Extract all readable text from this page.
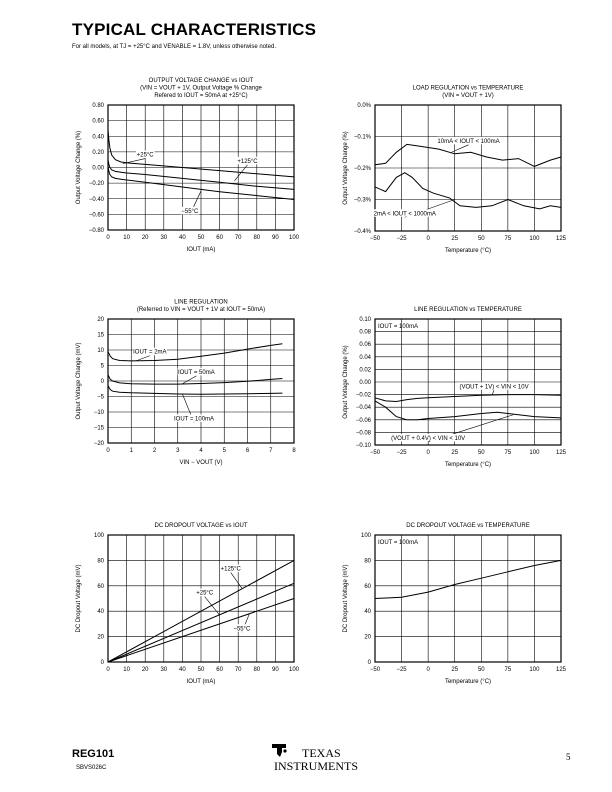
TYPICAL CHARACTERISTICS
For all models, at TJ = +25°C and VENABLE = 1.8V, unless otherwise noted.
0 10 20 30 40 50 60 70 80 90 100
−0.80
−0.60
−0.40
−0.20
0.00
0.20
0.40
0.60
0.80
OUTPUT VOLTAGE CHANGE vs IOUT
(VIN = VOUT + 1V, Output Voltage % Change
Refered to IOUT = 50mA at +25°C)
IOUT (mA)
Output Voltage Change (%)	+25°C
+125°C
−55°C
−50	−25	0	25	50	75	100	125
−0.4%
−0.3%
−0.2%
−0.1%
0.0%
LOAD REGULATION vs TEMPERATURE
(VIN = VOUT + 1V)
Temperature (°C)
Output Voltage Change (%)	10mA < IOUT < 100mA
2mA < IOUT < 1000mA
0	1	2	3	4	5	6	7	8
−20
−15
−10
−5
0
5
10
15
20
LINE REGULATION
(Referred to VIN = VOUT + 1V at IOUT = 50mA)
VIN − VOUT (V)
Output Voltage Change (mV)	IOUT = 2mA
IOUT = 50mA
IOUT = 100mA
−50	−25	0	25	50	75	100	125
−0.10
−0.08
−0.06
−0.04
−0.02
0.00
0.02
0.04
0.06
0.08
0.10
LINE REGULATION vs TEMPERATURE
Temperature (°C)
Output Voltage Change (%)	(VOUT + 1V) < VIN < 10V
(VOUT + 0.4V) < VIN < 10V
IOUT = 100mA
0 10 20 30 40 50 60 70 80 90 100
0
20
40
60
80
100
DC DROPOUT VOLTAGE vs IOUT
IOUT (mA)
DC Dropout Voltage (mV)	+125°C
+25°C
−55°C
−50	−25	0	25	50	75	100	125
0
20
40
60
80
100
DC DROPOUT VOLTAGE vs TEMPERATURE
Temperature (°C)
DC Dropout Voltage (mV)
IOUT = 100mA
REG101
SBVS026C
TEXAS
INSTRUMENTS
5
